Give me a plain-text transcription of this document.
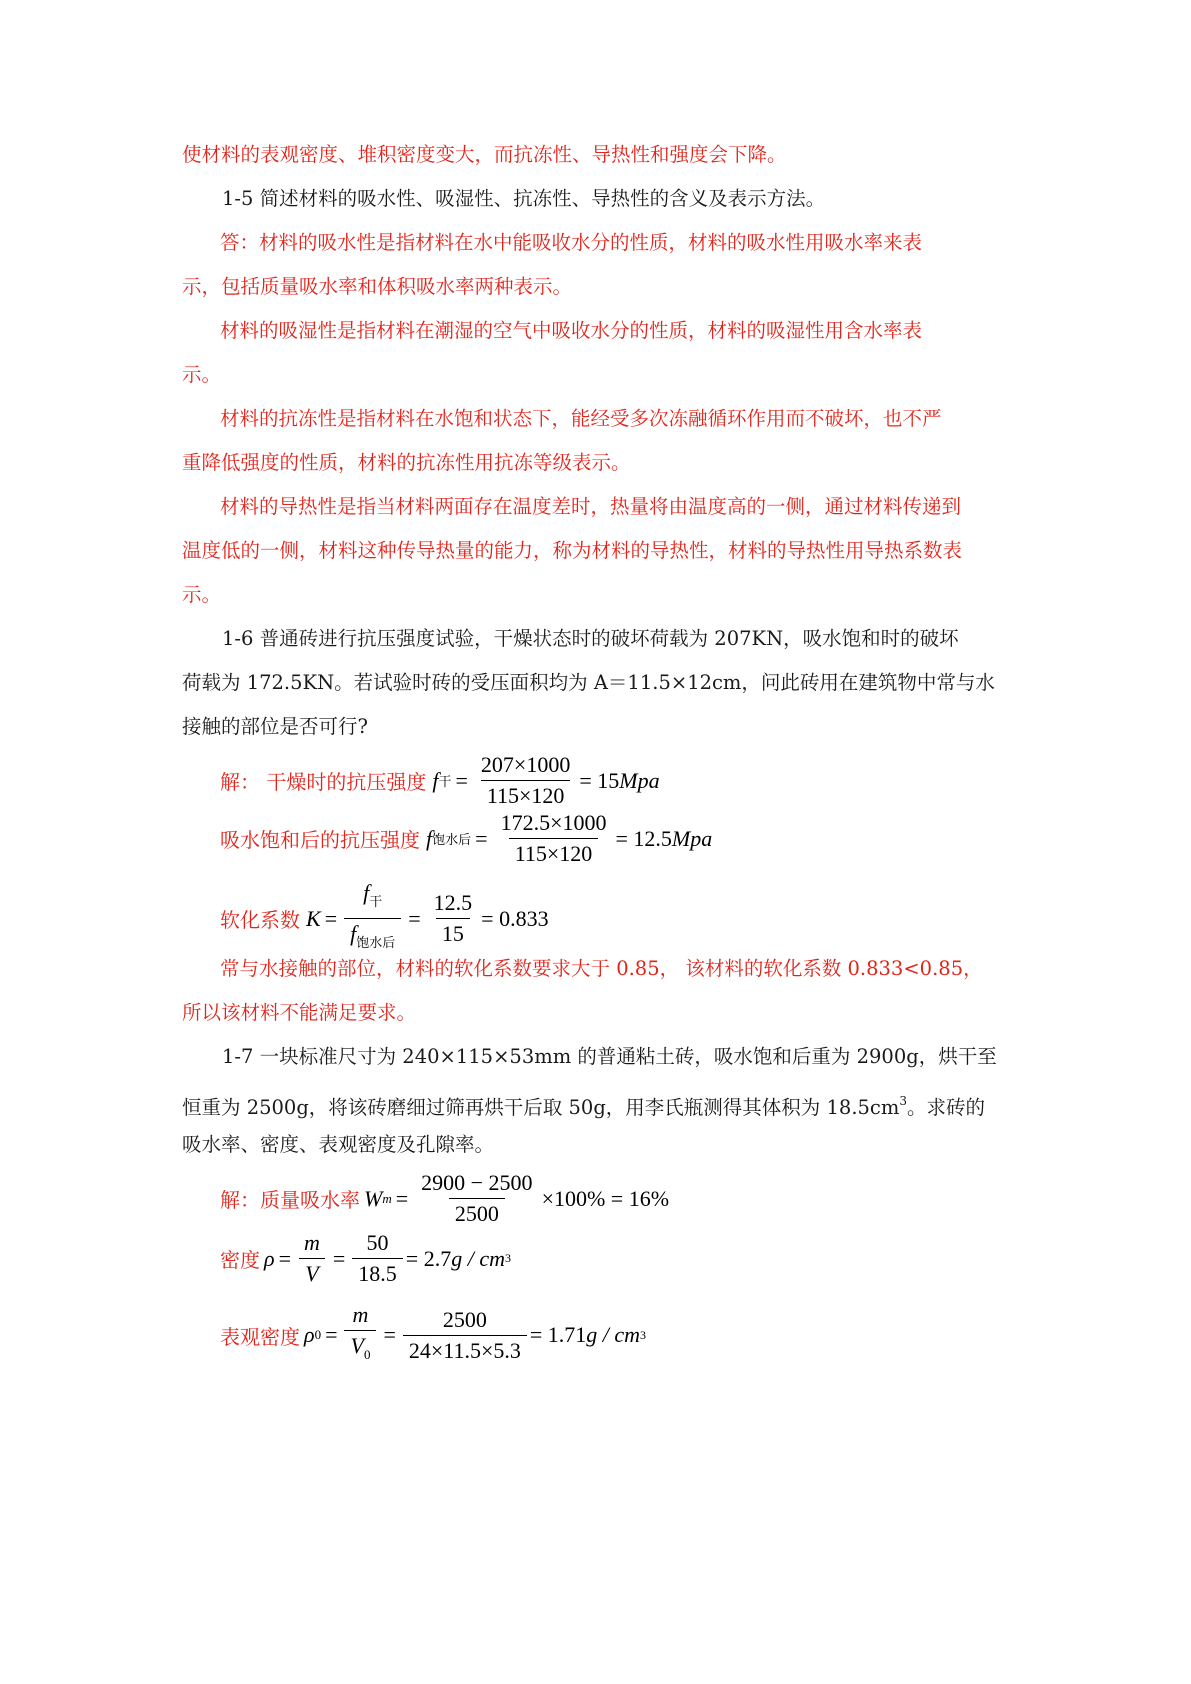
使材料的表观密度、堆积密度变大，而抗冻性、导热性和强度会下降。
1-5 简述材料的吸水性、吸湿性、抗冻性、导热性的含义及表示方法。
答：材料的吸水性是指材料在水中能吸收水分的性质，材料的吸水性用吸水率来表
示，包括质量吸水率和体积吸水率两种表示。
材料的吸湿性是指材料在潮湿的空气中吸收水分的性质，材料的吸湿性用含水率表
示。
材料的抗冻性是指材料在水饱和状态下，能经受多次冻融循环作用而不破坏，也不严
重降低强度的性质，材料的抗冻性用抗冻等级表示。
材料的导热性是指当材料两面存在温度差时，热量将由温度高的一侧，通过材料传递到
温度低的一侧，材料这种传导热量的能力，称为材料的导热性，材料的导热性用导热系数表
示。
1-6 普通砖进行抗压强度试验，干燥状态时的破坏荷载为 207KN，吸水饱和时的破坏
荷载为 172.5KN。若试验时砖的受压面积均为 A＝11.5×12cm，问此砖用在建筑物中常与水
接触的部位是否可行?
解： 干燥时的抗压强度 f 干 = $\frac{207\times 1000}{115\times 120} = 15$ Mpa
吸水饱和后的抗压强度 f 饱水后 = $\frac{172.5\times 1000}{115\times 120} = 12.5$ Mpa
软化系数 $K = \frac{f_干}{f_{饱水后}} = \frac{12.5}{15} = 0.833$
常与水接触的部位，材料的软化系数要求大于 0.85， 该材料的软化系数 0.833<0.85，
所以该材料不能满足要求。
1-7 一块标准尺寸为 240×115×53mm 的普通粘土砖，吸水饱和后重为 2900g，烘干至
恒重为 2500g，将该砖磨细过筛再烘干后取 50g，用李氏瓶测得其体积为 $18.5cm^3$。求砖的
吸水率、密度、表观密度及孔隙率。
解：质量吸水率 W $m = \frac{2900 - 2500}{2500} \times 100\% = 16\%$
密度 $\rho = \frac{m}{V} = \frac{50}{18.5} = 2.7$ g / cm 3
表观密度 ρ $0 = \frac{m}{V_0} = \frac{2500}{24\times 11.5\times 5.3} = 1.71$ g / cm 3
